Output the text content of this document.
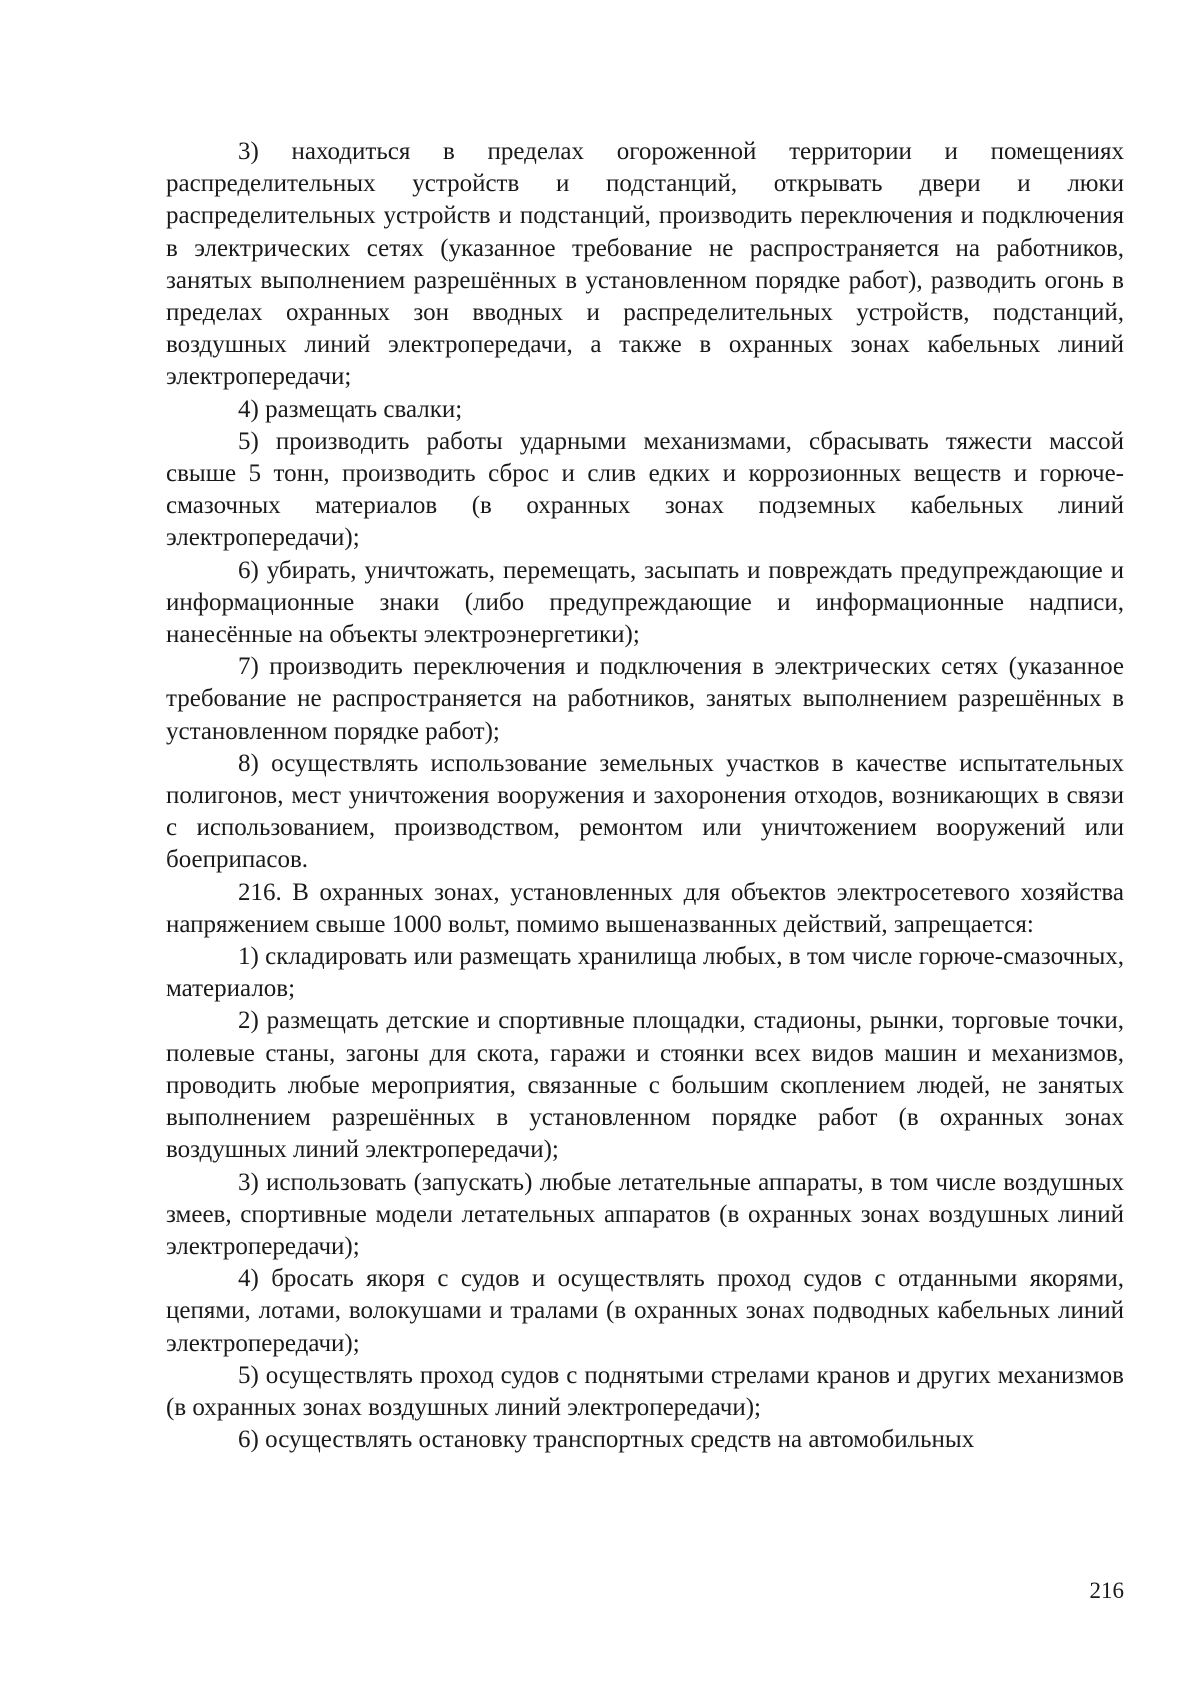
3) находиться в пределах огороженной территории и помещениях распределительных устройств и подстанций, открывать двери и люки распределительных устройств и подстанций, производить переключения и подключения в электрических сетях (указанное требование не распространяется на работников, занятых выполнением разрешённых в установленном порядке работ), разводить огонь в пределах охранных зон вводных и распределительных устройств, подстанций, воздушных линий электропередачи, а также в охранных зонах кабельных линий электропередачи;

4) размещать свалки;

5) производить работы ударными механизмами, сбрасывать тяжести массой свыше 5 тонн, производить сброс и слив едких и коррозионных веществ и горюче-смазочных материалов (в охранных зонах подземных кабельных линий электропередачи);

6) убирать, уничтожать, перемещать, засыпать и повреждать предупреждающие и информационные знаки (либо предупреждающие и информационные надписи, нанесённые на объекты электроэнергетики);

7) производить переключения и подключения в электрических сетях (указанное требование не распространяется на работников, занятых выполнением разрешённых в установленном порядке работ);

8) осуществлять использование земельных участков в качестве испытательных полигонов, мест уничтожения вооружения и захоронения отходов, возникающих в связи с использованием, производством, ремонтом или уничтожением вооружений или боеприпасов.

216. В охранных зонах, установленных для объектов электросетевого хозяйства напряжением свыше 1000 вольт, помимо вышеназванных действий, запрещается:

1) складировать или размещать хранилища любых, в том числе горюче-смазочных, материалов;

2) размещать детские и спортивные площадки, стадионы, рынки, торговые точки, полевые станы, загоны для скота, гаражи и стоянки всех видов машин и механизмов, проводить любые мероприятия, связанные с большим скоплением людей, не занятых выполнением разрешённых в установленном порядке работ (в охранных зонах воздушных линий электропередачи);

3) использовать (запускать) любые летательные аппараты, в том числе воздушных змеев, спортивные модели летательных аппаратов (в охранных зонах воздушных линий электропередачи);

4) бросать якоря с судов и осуществлять проход судов с отданными якорями, цепями, лотами, волокушами и тралами (в охранных зонах подводных кабельных линий электропередачи);

5) осуществлять проход судов с поднятыми стрелами кранов и других механизмов (в охранных зонах воздушных линий электропередачи);

6) осуществлять остановку транспортных средств на автомобильных

216
